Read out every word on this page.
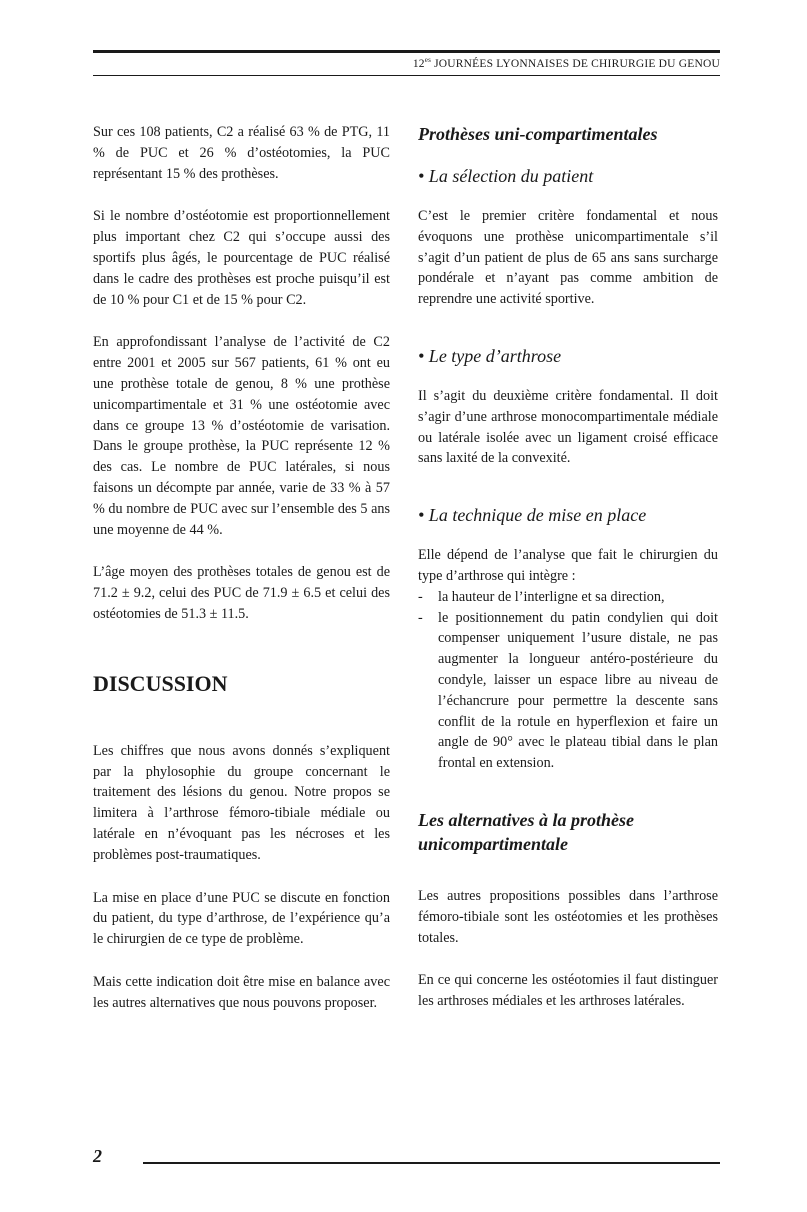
$12^{es}$ JOURNÉES LYONNAISES DE CHIRURGIE DU GENOU

Sur ces 108 patients, C2 a réalisé 63 % de PTG, 11 % de PUC et 26 % d’ostéotomies, la PUC représentant 15 % des prothèses.

Si le nombre d’ostéotomie est proportionnellement plus important chez C2 qui s’occupe aussi des sportifs plus âgés, le pourcentage de PUC réalisé dans le cadre des prothèses est proche puisqu’il est de 10 % pour C1 et de 15 % pour C2.

En approfondissant l’analyse de l’activité de C2 entre 2001 et 2005 sur 567 patients, 61 % ont eu une prothèse totale de genou, 8 % une prothèse unicompartimentale et 31 % une ostéotomie avec dans ce groupe 13 % d’ostéotomie de varisation. Dans le groupe prothèse, la PUC représente 12 % des cas. Le nombre de PUC latérales, si nous faisons un décompte par année, varie de 33 % à 57 % du nombre de PUC avec sur l’ensemble des 5 ans une moyenne de 44 %.

L’âge moyen des prothèses totales de genou est de 71.2 ± 9.2, celui des PUC de 71.9 ± 6.5 et celui des ostéotomies de 51.3 ± 11.5.

DISCUSSION

Les chiffres que nous avons donnés s’expliquent par la phylosophie du groupe concernant le traitement des lésions du genou. Notre propos se limitera à l’arthrose fémoro-tibiale médiale ou latérale en n’évoquant pas les nécroses et les problèmes post-traumatiques.

La mise en place d’une PUC se discute en fonction du patient, du type d’arthrose, de l’expérience qu’a le chirurgien de ce type de problème.

Mais cette indication doit être mise en balance avec les autres alternatives que nous pouvons proposer.

Prothèses uni-compartimentales
• La sélection du patient

C’est le premier critère fondamental et nous évoquons une prothèse unicompartimentale s’il s’agit d’un patient de plus de 65 ans sans surcharge pondérale et n’ayant pas comme ambition de reprendre une activité sportive.

• Le type d’arthrose

Il s’agit du deuxième critère fondamental. Il doit s’agir d’une arthrose monocompartimentale médiale ou latérale isolée avec un ligament croisé efficace sans laxité de la convexité.

• La technique de mise en place

Elle dépend de l’analyse que fait le chirurgien du type d’arthrose qui intègre :

- la hauteur de l’interligne et sa direction,
- le positionnement du patin condylien qui doit compenser uniquement l’usure distale, ne pas augmenter la longueur antéro-postérieure du condyle, laisser un espace libre au niveau de l’échancrure pour permettre la descente sans conflit de la rotule en hyperflexion et faire un angle de 90° avec le plateau tibial dans le plan frontal en extension.
Les alternatives à la prothèse unicompartimentale

Les autres propositions possibles dans l’arthrose fémoro-tibiale sont les ostéotomies et les prothèses totales.

En ce qui concerne les ostéotomies il faut distinguer les arthroses médiales et les arthroses latérales.

2
